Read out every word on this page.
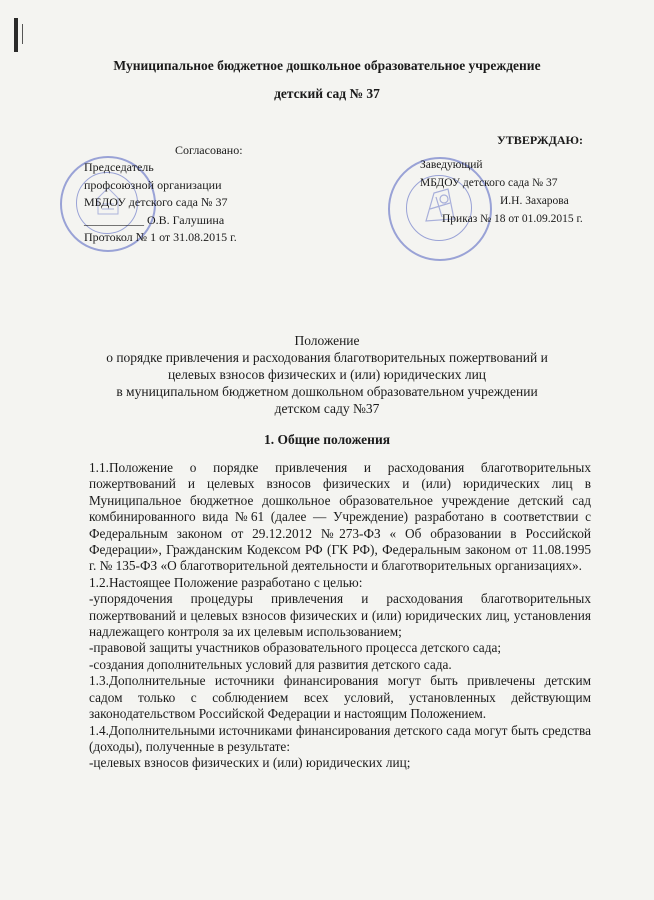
Муниципальное бюджетное дошкольное образовательное учреждение
детский сад № 37
Согласовано:
УТВЕРЖДАЮ:
Председатель
профсоюзной организации
МБДОУ детского сада № 37
__________ О.В. Галушина
Протокол № 1 от 31.08.2015 г.
Заведующий
МБДОУ детского сада № 37
И.Н. Захарова
Приказ № 18 от 01.09.2015 г.
Положение
о порядке привлечения и расходования благотворительных пожертвований и
целевых взносов физических и (или) юридических лиц
в муниципальном бюджетном дошкольном образовательном учреждении
детском саду №37
1. Общие положения

1.1.Положение о порядке привлечения и расходования благотворительных пожертвований и целевых взносов физических и (или) юридических лиц в Муниципальное бюджетное дошкольное образовательное учреждение детский сад комбинированного вида №61 (далее — Учреждение) разработано в соответствии с Федеральным законом от 29.12.2012 №273-ФЗ « Об образовании в Российской Федерации», Гражданским Кодексом РФ (ГК РФ), Федеральным законом от 11.08.1995 г. № 135-ФЗ «О благотворительной деятельности и благотворительных организациях».

1.2.Настоящее Положение разработано с целью:

-упорядочения процедуры привлечения и расходования благотворительных пожертвований и целевых взносов физических и (или) юридических лиц, установления надлежащего контроля за их целевым использованием;

-правовой защиты участников образовательного процесса детского сада;

-создания дополнительных условий для развития детского сада.

1.3.Дополнительные источники финансирования могут быть привлечены детским садом только с соблюдением всех условий, установленных действующим законодательством Российской Федерации и настоящим Положением.

1.4.Дополнительными источниками финансирования детского сада могут быть средства (доходы), полученные в результате:

-целевых взносов физических и (или) юридических лиц;
